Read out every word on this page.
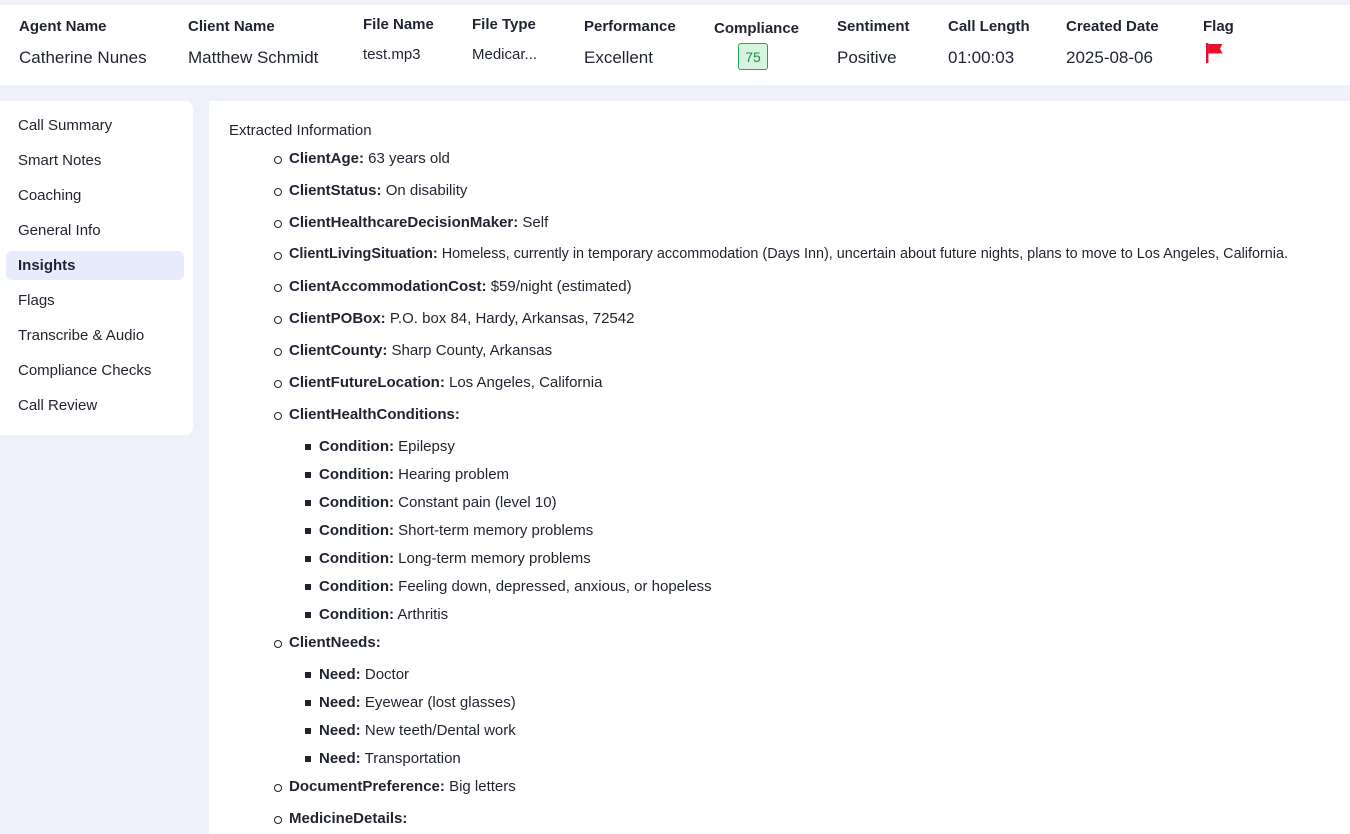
Agent Name
Catherine Nunes
Client Name
Matthew Schmidt
File Name
test.mp3
File Type
Medicar...
Performance
Excellent
Compliance
75
Sentiment
Positive
Call Length
01:00:03
Created Date
2025-08-06
Flag
Call Summary
Smart Notes
Coaching
General Info
Insights
Flags
Transcribe & Audio
Compliance Checks
Call Review
Extracted Information
ClientAge: 63 years old
ClientStatus: On disability
ClientHealthcareDecisionMaker: Self
ClientLivingSituation: Homeless, currently in temporary accommodation (Days Inn), uncertain about future nights, plans to move to Los Angeles, California.
ClientAccommodationCost: $59/night (estimated)
ClientPOBox: P.O. box 84, Hardy, Arkansas, 72542
ClientCounty: Sharp County, Arkansas
ClientFutureLocation: Los Angeles, California
ClientHealthConditions:
Condition: Epilepsy
Condition: Hearing problem
Condition: Constant pain (level 10)
Condition: Short-term memory problems
Condition: Long-term memory problems
Condition: Feeling down, depressed, anxious, or hopeless
Condition: Arthritis
ClientNeeds:
Need: Doctor
Need: Eyewear (lost glasses)
Need: New teeth/Dental work
Need: Transportation
DocumentPreference: Big letters
MedicineDetails:
